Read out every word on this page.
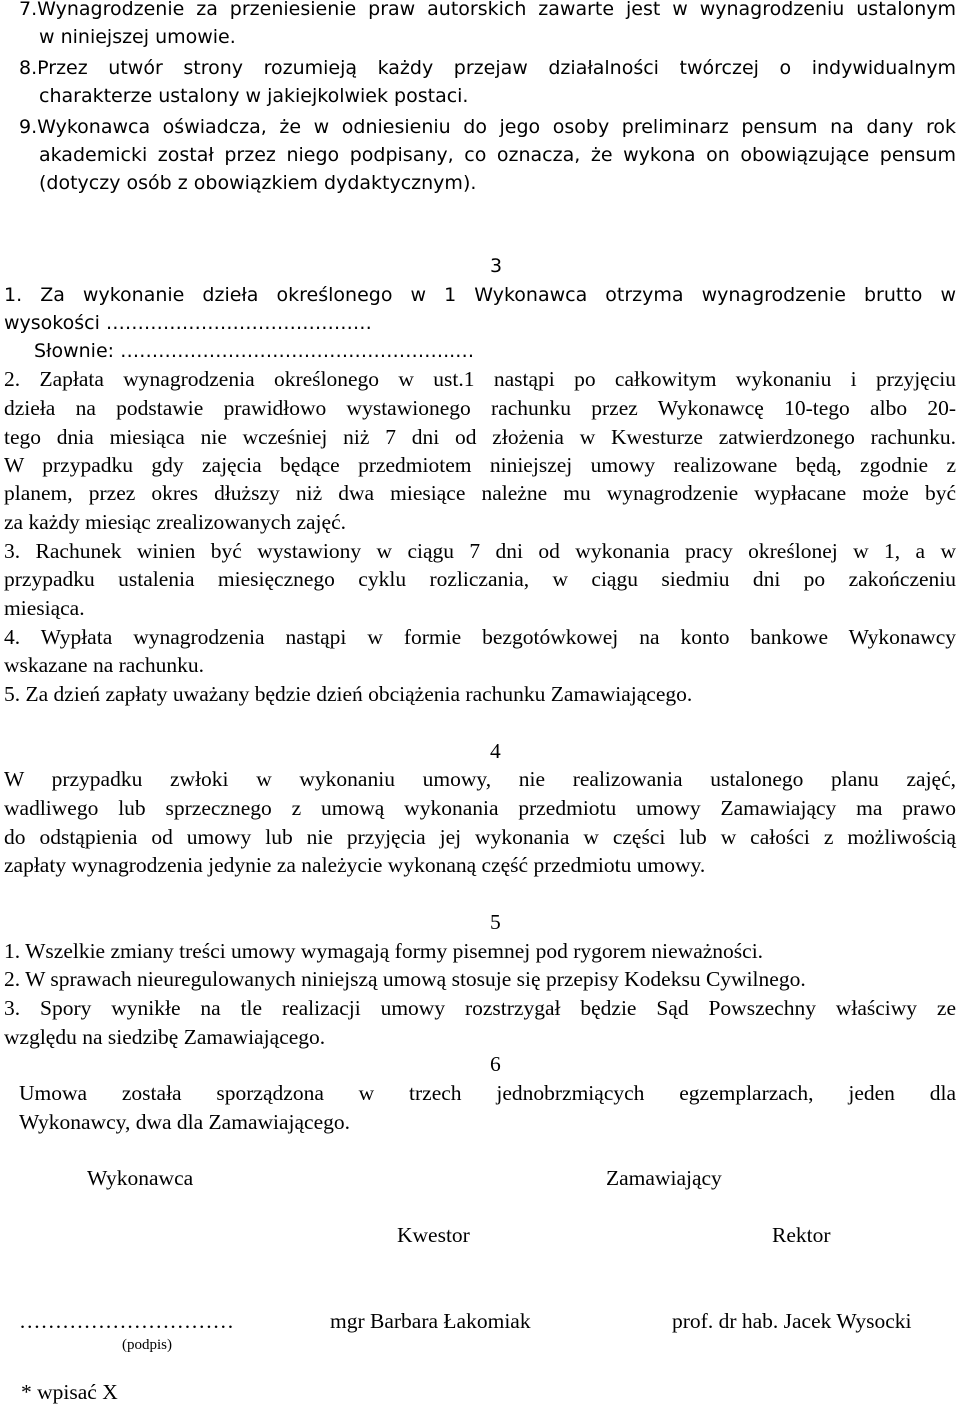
7.Wynagrodzenie za przeniesienie praw autorskich zawarte jest w wynagrodzeniu ustalonym
w niniejszej umowie.
8.Przez utwór strony rozumieją każdy przejaw działalności twórczej o indywidualnym
charakterze ustalony w jakiejkolwiek postaci.
9.Wykonawca oświadcza, że w odniesieniu do jego osoby preliminarz pensum na dany rok
akademicki został przez niego podpisany, co oznacza, że wykona on obowiązujące pensum
(dotyczy osób z obowiązkiem dydaktycznym).
3
1. Za wykonanie dzieła określonego w 1 Wykonawca otrzyma wynagrodzenie brutto w
wysokości ……………………………………
Słownie: ……………………………………………..…
2. Zapłata wynagrodzenia określonego w ust.1 nastąpi po całkowitym wykonaniu i przyjęciu
dzieła na podstawie prawidłowo wystawionego rachunku przez Wykonawcę 10-tego albo 20-
tego dnia miesiąca nie wcześniej niż 7 dni od złożenia w Kwesturze zatwierdzonego rachunku.
W przypadku gdy zajęcia będące przedmiotem niniejszej umowy realizowane będą, zgodnie z
planem, przez okres dłuższy niż dwa miesiące należne mu wynagrodzenie wypłacane może być
za każdy miesiąc zrealizowanych zajęć.
3. Rachunek winien być wystawiony w ciągu 7 dni od wykonania pracy określonej w 1, a w
przypadku ustalenia miesięcznego cyklu rozliczania, w ciągu siedmiu dni po zakończeniu
miesiąca.
4. Wypłata wynagrodzenia nastąpi w formie bezgotówkowej na konto bankowe Wykonawcy
wskazane na rachunku.
5. Za dzień zapłaty uważany będzie dzień obciążenia rachunku Zamawiającego.
4
W przypadku zwłoki w wykonaniu umowy, nie realizowania ustalonego planu zajęć,
wadliwego lub sprzecznego z umową wykonania przedmiotu umowy Zamawiający ma prawo
do odstąpienia od umowy lub nie przyjęcia jej wykonania w części lub w całości z możliwością
zapłaty wynagrodzenia jedynie za należycie wykonaną część przedmiotu umowy.
5
1. Wszelkie zmiany treści umowy wymagają formy pisemnej pod rygorem nieważności.
2. W sprawach nieuregulowanych niniejszą umową stosuje się przepisy Kodeksu Cywilnego.
3. Spory wynikłe na tle realizacji umowy rozstrzygał będzie Sąd Powszechny właściwy ze
względu na siedzibę Zamawiającego.
6
Umowa została sporządzona w trzech jednobrzmiących egzemplarzach, jeden dla
Wykonawcy, dwa dla Zamawiającego.
Wykonawca	Zamawiający
Kwestor	Rektor
…………………………	mgr Barbara Łakomiak	prof. dr hab. Jacek Wysocki
(podpis)
* wpisać X
